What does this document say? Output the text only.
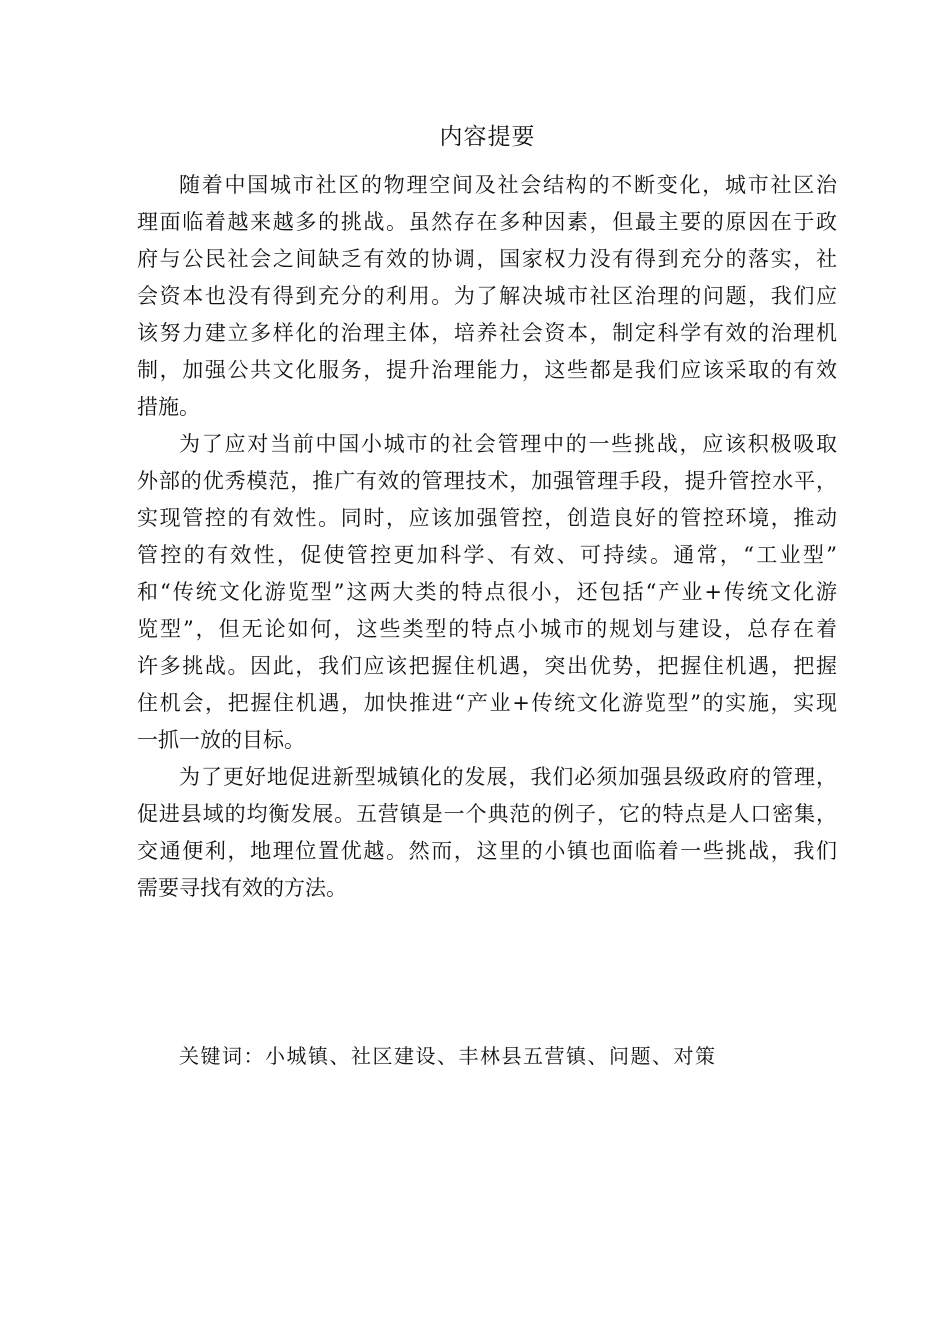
内容提要
随着中国城市社区的物理空间及社会结构的不断变化，城市社区治
理面临着越来越多的挑战。虽然存在多种因素，但最主要的原因在于政
府与公民社会之间缺乏有效的协调，国家权力没有得到充分的落实，社
会资本也没有得到充分的利用。为了解决城市社区治理的问题，我们应
该努力建立多样化的治理主体，培养社会资本，制定科学有效的治理机
制，加强公共文化服务，提升治理能力，这些都是我们应该采取的有效
措施。
为了应对当前中国小城市的社会管理中的一些挑战，应该积极吸取
外部的优秀模范，推广有效的管理技术，加强管理手段，提升管控水平，
实现管控的有效性。同时，应该加强管控，创造良好的管控环境，推动
管控的有效性，促使管控更加科学、有效、可持续。通常，“工业型”
和“传统文化游览型”这两大类的特点很小，还包括“产业+传统文化游
览型”，但无论如何，这些类型的特点小城市的规划与建设，总存在着
许多挑战。因此，我们应该把握住机遇，突出优势，把握住机遇，把握
住机会，把握住机遇，加快推进“产业+传统文化游览型”的实施，实现
一抓一放的目标。
为了更好地促进新型城镇化的发展，我们必须加强县级政府的管理，
促进县域的均衡发展。五营镇是一个典范的例子，它的特点是人口密集，
交通便利，地理位置优越。然而，这里的小镇也面临着一些挑战，我们
需要寻找有效的方法。
关键词：小城镇、社区建设、丰林县五营镇、问题、对策
